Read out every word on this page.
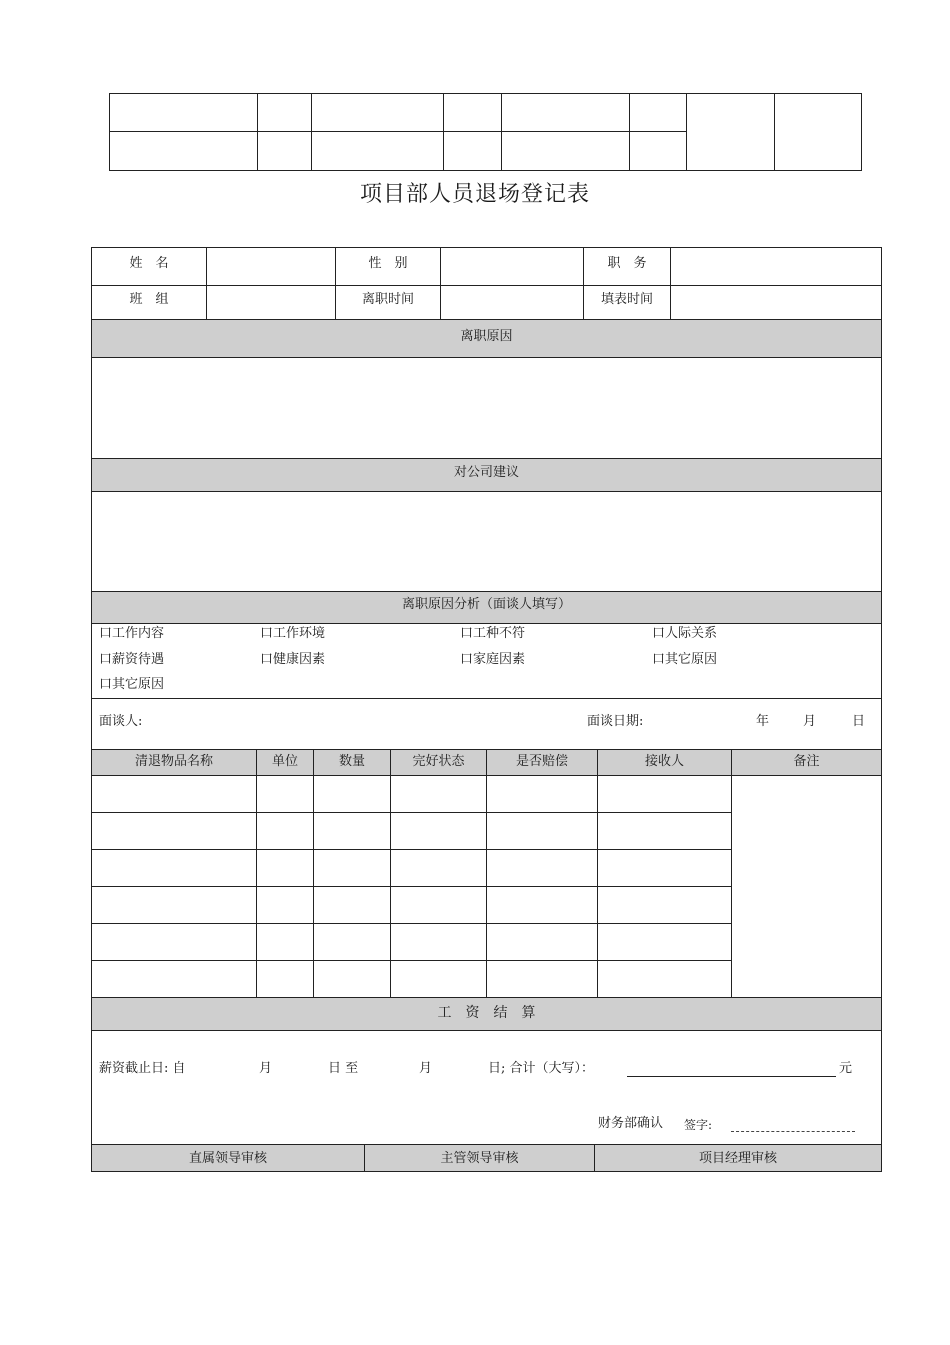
项目部人员退场登记表
姓　名	性　别	职　务
班　组	离职时间	填表时间
离职原因
对公司建议
离职原因分析（面谈人填写）
口工作内容	口工作环境	口工种不符	口人际关系
口薪资待遇	口健康因素	口家庭因素	口其它原因
口其它原因
面谈人:	面谈日期:	年	月	日
清退物品名称	单位	数量	完好状态	是否赔偿	接收人	备注
工　资　结　算
薪资截止日: 自	月	日 至	月	日; 合计（大写）：	元
财务部确认 签字:
直属领导审核	主管领导审核	项目经理审核
